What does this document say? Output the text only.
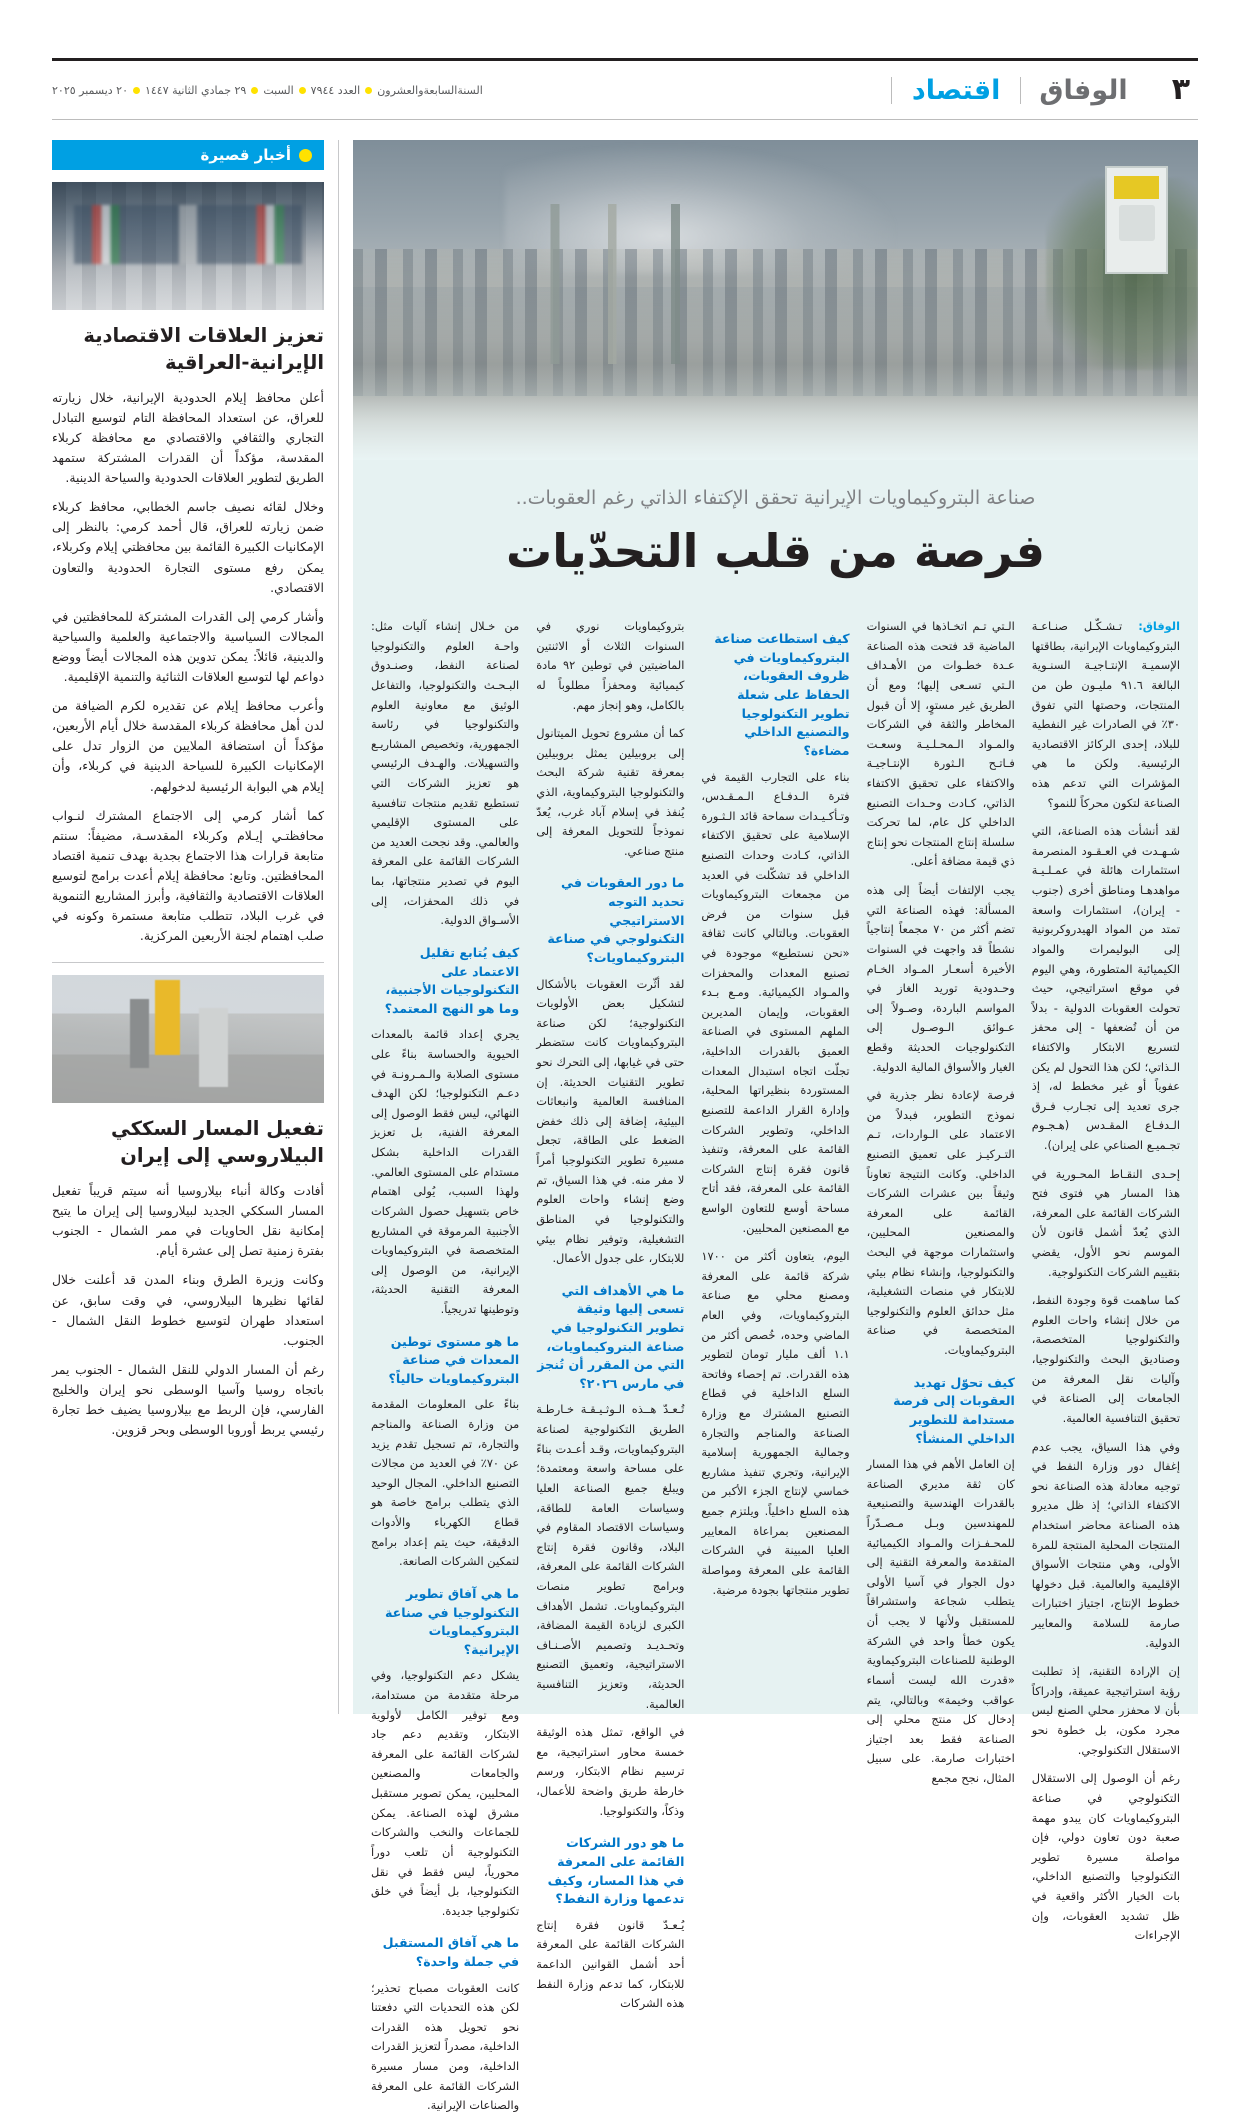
٣
الوفاق
اقتصاد
السنةالسابعةوالعشرون
العدد ٧٩٤٤
السبت
٢٩ جمادي الثانية ١٤٤٧
٢٠ ديسمبر ٢٠٢٥
صناعة البتروكيماويات الإيرانية تحقق الإكتفاء الذاتي رغم العقوبات..
فرصة من قلب التحدّيات

الوفاق: تـشـكّـل صنـاعـة البتروكيماويات الإيرانية، بطاقتها الإسميـة الإنتـاجيـة السنـوية البالغة ٩١.٦ مليـون طن من المنتجات، وحصتها التي تفوق ٣٠٪ في الصادرات غير النفطية للبلاد، إحدى الركائز الاقتصادية الرئيسية. ولكن ما هي المؤشرات التي تدعم هذه الصناعة لتكون محركاً للنمو؟

لقد أنشأت هذه الصناعة، التي شـهـدت في العـقـود المنصرمة استثمارات هائلة في عمـلـيـة مواهدهـا ومناطق أخرى (جنوب - إيران)، استثمارات واسعة تمتد من المواد الهيدروكربونية إلى البوليمرات والمواد الكيميائية المتطورة، وهي اليوم في موقع استراتيجي، حيث تحولت العقوبات الدولية - بدلاً من أن تُضعفها - إلى محفز لتسريع الابتكار والاكتفاء الـذاتي؛ لكن هذا التحول لم يكن عفوياً أو غير مخطط له، إذ جرى تعديد إلى تجـارب فـرق الـدفـاع المقـدس (هـجـوم تجـميـع الصناعي على إيران).

إحـدى النقـاط المحـورية في هذا المسار هي فتوى فتح الشركات القائمة على المعرفة، الذي يُعدّ أشمل قانون لأن الموسم نحو الأول، يقضي بتقييم الشركات التكنولوجية.

كما ساهمت قوة وجودة النفط، من خلال إنشاء واحات العلوم والتكنولوجيا المتخصصة، وصناديق البحث والتكنولوجيا، وآليات نقل المعرفة من الجامعات إلى الصناعة في تحقيق التنافسية العالمية.

وفي هذا السياق، يجب عدم إغفال دور وزارة النفط في توجيه معادلة هذه الصناعة نحو الاكتفاء الذاتي؛ إذ ظل مديرو هذه الصناعة محاضر استخدام المنتجات المحلية المنتجة للمرة الأولى، وهي منتجات الأسواق الإقليمية والعالمية. قبل دخولها خطوط الإنتاج، اجتياز اختبارات صارمة للسلامة والمعايير الدولية.

إن الإرادة التقنية، إذ تطلبت رؤية استراتيجية عميقة، وإدراكاً بأن لا محفزر محلي الصنع ليس مجرد مكون، بل خطوة نحو الاستقلال التكنولوجي.

رغم أن الوصول إلى الاستقلال التكنولوجي في صناعة البتروكيماويات كان يبدو مهمة صعبة دون تعاون دولي، فإن مواصلة مسيرة تطوير التكنولوجيا والتصنيع الداخلي، بات الخيار الأكثر واقعية في ظل تشديد العقوبات، وإن الإجراءات

الـتي تـم اتخـاذها في السنوات الماضية قد فتحت هذه الصناعة عـدة خطـوات من الأهـداف الـتي تسـعى إليها؛ ومع أن الطريق غير مستوٍ، إلا أن قبول المخاطر والثقة في الشركات والمـواد الـمحـلـيـة وسعـت فـاتـح الـثورة الإنتـاجيـة والاكتفاء على تحقيق الاكتفاء الذاتي، كـادت وحـدات التصنيع الداخلي كل عام، لما تحركت سلسلة إنتاج المنتجات نحو إنتاج ذي قيمة مضافة أعلى.

يجب الإلتفات أيضاً إلى هذه المسألة: فهذه الصناعة التي تضم أكثر من ٧٠ مجمعاً إنتاجياً نشطاً قد واجهت في السنوات الأخيرة أسعـار المـواد الخـام وحـدودية توريد الغاز في المواسم الباردة، وصـولاً إلى عـوائق الـوصـول إلى التكنولوجيات الحديثة وقطع الغيار والأسواق المالية الدولية.

فرصة لإعادة نظر جذرية في نموذج التطوير، فبدلاً من الاعتماد على الـواردات، تـم التـركيـز على تعميق التصنيع الداخلي. وكانت النتيجة تعاوناً وثيقاً بين عشرات الشركات القائمة على المعرفة والمصنعين المحليين، واستثمارات موجهة في البحث والتكنولوجيا، وإنشاء نظام بيئي للابتكار في منصات التشغيلية، مثل حدائق العلوم والتكنولوجيا المتخصصة في صناعة البتروكيماويات.

كيف تحوّل تهديد العقوبات إلى فرصة مستدامة للتطوير الداخلي المنشأ؟

إن العامل الأهم في هذا المسار كان ثقة مديري الصناعة بالقدرات الهندسية والتصنيعية للمهندسين وبـل مـصـدّراً للمحـفـزات والمـواد الكيميائية المتقدمة والمعرفة التقنية إلى دول الجوار في آسيا الأولى يتطلب شجاعة واستشراقاً للمستقبل ولأنها لا يجب أن يكون خطأ واحد في الشركة الوطنية للصناعات البتروكيماوية «قدرت الله ليست أسماء عواقب وخيمة» وبالتالي، يتم إدخال كل منتج محلي إلى الصناعة فقط بعد اجتياز اختبارات صارمة. على سبيل المثال، نجح مجمع

كيف استطاعت صناعة البتروكيماويات في ظروف العقوبات، الحفاظ على شعلة تطوير التكنولوجيا والتصنيع الداخلي مضاءة؟

بناء على التجارب القيمة في فترة الـدفـاع الـمـقـدس، وتـأكـيـدات سماحة قائد الـثـورة الإسلامية على تحقيق الاكتفاء الذاتي، كـادت وحدات التصنيع الداخلي قد تشكّلت في العديد من مجمعات البتروكيماويات قبل سنوات من فرض العقوبات. وبالتالي كانت ثقافة «نحن نستطيع» موجودة في تصنيع المعدات والمحفزات والمـواد الكيميائية. ومـع بـدء العقوبات، وإيمان المديرين الملهم المستوى في الصناعة العميق بالقدرات الداخلية، تجلّت اتجاه استبدال المعدات المستوردة بنظيراتها المحلية، وإدارة القرار الداعمة للتصنيع الداخلي، وتطوير الشركات القائمة على المعرفة، وتنفيذ قانون فقرة إنتاج الشركات القائمة على المعرفة، فقد أتاح مساحة أوسع للتعاون الواسع مع المصنعين المحليين.

اليوم، يتعاون أكثر من ١٧٠٠ شركة قائمة على المعرفة ومصنع محلي مع صناعة البتروكيماويات، وفي العام الماضي وحده، خُصص أكثر من ١.١ ألف مليار تومان لتطوير هذه القدرات. تم إحصاء وفاتحة السلع الداخلية في قطاع التصنيع المشترك مع وزارة الصناعة والمناجم والتجارة وجمالية الجمهورية إسلامية الإيرانية، وتجري تنفيذ مشاريع خماسي لإنتاج الجزء الأكبر من هذه السلع داخلياً. ويلتزم جميع المصنعين بمراعاة المعايير العليا المبينة في الشركات القائمة على المعرفة ومواصلة تطوير منتجاتها بجودة مرضية.

بتروكيماويات نوري في السنوات الثلاث أو الاثنتين الماضيتين في توطين ٩٢ مادة كيميائية ومحفزاً مطلوباً له بالكامل، وهو إنجاز مهم.

كما أن مشروع تحويل الميتانول إلى بروبيلين يمثل بروبيلين بمعرفة تقنية شركة البحث والتكنولوجيا البتروكيماوية، الذي يُنفذ في إسلام آباد غرب، يُعدّ نموذجاً للتحويل المعرفة إلى منتج صناعي.

ما دور العقوبات في تحديد التوجه الاستراتيجي التكنولوجي في صناعة البتروكيماويات؟

لقد أثّرت العقوبات بالأشكال لتشكيل بعض الأولويات التكنولوجية؛ لكن صناعة البتروكيماويات كانت ستضطر حتى في غيابها، إلى التحرك نحو تطوير التقنيات الحديثة. إن المنافسة العالمية وانبعاثات البيئية، إضافة إلى ذلك خفض الضغط على الطاقة، تجعل مسيرة تطوير التكنولوجيا أمراً لا مفر منه. في هذا السياق، تم وضع إنشاء واحات العلوم والتكنولوجيا في المناطق التشغيلية، وتوفير نظام بيئي للابتكار، على جدول الأعمال.

ما هي الأهداف التي تسعى إليها وثيقة تطوير التكنولوجيا في صناعة البتروكيماويات، التي من المقرر أن تُنجز في مارس ٢٠٢٦؟

تُـعـدّ هــذه الـوثـيـقـة خـارطـة الطريق التكنولوجية لصناعة البتروكيماويات، وقـد أعـدت بناءً على مساحة واسعة ومعتمدة؛ ويبلغ جميع الصناعة العليا وسياسات العامة للطاقة، وسياسات الاقتصاد المقاوم في البلاد، وقانون فقرة إنتاج الشركات القائمة على المعرفة، وبرامج تطوير منصات البتروكيماويات. تشمل الأهداف الكبرى لزيادة القيمة المضافة، وتحـديـد وتصميم الأصـنـاف الاستراتيجية، وتعميق التصنيع الحديثة، وتعزيز التنافسية العالمية.

في الواقع، تمثل هذه الوثيقة خمسة محاور استراتيجية، مع ترسيم نظام الابتكار، ورسم خارطة طريق واضحة للأعمال، وذكاً، والتكنولوجيا.

ما هو دور الشركات القائمة على المعرفة في هذا المسار، وكيف تدعمها وزارة النفط؟

يُـعـدّ قانون فقرة إنتاج الشركات القائمة على المعرفة أحد أشمل القوانين الداعمة للابتكار، كما تدعم وزارة النفط هذه الشركات

من خـلال إنشاء آليات مثل: واحـة العلوم والتكنولوجيا لصناعة النفط، وصنـدوق البـحـث والتكنولوجيا، والتفاعل الوثيق مع معاونية العلوم والتكنولوجيا في رئاسة الجمهورية، وتخصيص المشاريـع والتسهيلات. والهـدف الرئيسي هو تعزيز الشركات التي تستطيع تقديم منتجات تنافسية على المستوى الإقليمي والعالمي. وقد نجحت العديد من الشركات القائمة على المعرفة اليوم في تصدير منتجاتها، بما في ذلك المحفزات، إلى الأسـواق الدولية.

كيف يُتابع تقليل الاعتماد على التكنولوجيات الأجنبية، وما هو النهج المعتمد؟

يجري إعداد قائمة بالمعدات الحيوية والحساسة بناءً على مستوى الصلابة والـمـرونـة في دعـم التكنولوجيا؛ لكن الهدف النهائي، ليس فقط الوصول إلى المعرفة الفنية، بل تعزيز القدرات الداخلية بشكل مستدام على المستوى العالمي. ولهذا السبب، يُولى اهتمام خاص بتسهيل حصول الشركات الأجنبية المرموقة في المشاريع المتخصصة في البتروكيماويات الإيرانية، من الوصول إلى المعرفة التقنية الحديثة، وتوطينها تدريجياً.

ما هو مستوى توطين المعدات في صناعة البتروكيماويات حالياً؟

بناءً على المعلومات المقدمة من وزارة الصناعة والمناجم والتجارة، تم تسجيل تقدم يزيد عن ٧٠٪ في العديد من مجالات التصنيع الداخلي. المجال الوحيد الذي يتطلب برامج خاصة هو قطاع الكهرباء والأدوات الدقيقة، حيث يتم إعداد برامج لتمكين الشركات الصانعة.

ما هي آفاق تطوير التكنولوجيا في صناعة البتروكيماويات الإيرانية؟

يشكل دعم التكنولوجيا، وفي مرحلة متقدمة من مستدامة، ومع توفير الكامل لأولوية الابتكار، وتقديم دعم جاد لشركات القائمة على المعرفة والجامعات والمصنعين المحليين، يمكن تصوير مستقبل مشرق لهذه الصناعة. يمكن للجماعات والنخب والشركات التكنولوجية أن تلعب دوراً محورياً، ليس فقط في نقل التكنولوجيا، بل أيضاً في خلق تكنولوجيا جديدة.

ما هي آفاق المستقبل في جملة واحدة؟

كانت العقوبات مصباح تحذير؛ لكن هذه التحديات التي دفعتنا نحو تحويل هذه القدرات الداخلية، مصدراً لتعزيز القدرات الداخلية، ومن مسار مسيرة الشركات القائمة على المعرفة والصناعات الإيرانية.

أخبار قصيرة
تعزيز العلاقات الاقتصادية الإيرانية-العراقية

أعلن محافظ إيلام الحدودية الإيرانية، خلال زيارته للعراق، عن استعداد المحافظة التام لتوسيع التبادل التجاري والثقافي والاقتصادي مع محافظة كربلاء المقدسة، مؤكداً أن القدرات المشتركة ستمهد الطريق لتطوير العلاقات الحدودية والسياحة الدينية.

وخلال لقائه نصيف جاسم الخطابي، محافظ كربلاء ضمن زيارته للعراق، قال أحمد كرمي: بالنظر إلى الإمكانيات الكبيرة القائمة بين محافظتي إيلام وكربلاء، يمكن رفع مستوى التجارة الحدودية والتعاون الاقتصادي.

وأشار كرمي إلى القدرات المشتركة للمحافظتين في المجالات السياسية والاجتماعية والعلمية والسياحية والدينية، قائلاً: يمكن تدوين هذه المجالات أيضاً ووضع دواعم لها لتوسيع العلاقات الثنائية والتنمية الإقليمية.

وأعرب محافظ إيلام عن تقديره لكرم الضيافة من لدن أهل محافظة كربلاء المقدسة خلال أيام الأربعين، مؤكداً أن استضافة الملايين من الزوار تدل على الإمكانيات الكبيرة للسياحة الدينية في كربلاء، وأن إيلام هي البوابة الرئيسية لدخولهم.

كما أشار كرمي إلى الاجتماع المشترك لنـواب محافظتـي إيـلام وكربلاء المقدسـة، مضيفاً: سنتم متابعة قرارات هذا الاجتماع بجدية بهدف تنمية اقتصاد المحافظتين. وتابع: محافظة إيلام أعدت برامج لتوسيع العلاقات الاقتصادية والثقافية، وأبرز المشاريع التنموية في غرب البلاد، تتطلب متابعة مستمرة وكونه في صلب اهتمام لجنة الأربعين المركزية.

تفعيل المسار السككي البيلاروسي إلى إيران

أفادت وكالة أنباء بيلاروسيا أنه سيتم قريباً تفعيل المسار السككي الجديد لبيلاروسيا إلى إيران ما يتيح إمكانية نقل الحاويات في ممر الشمال - الجنوب بفترة زمنية تصل إلى عشرة أيام.

وكانت وزيرة الطرق وبناء المدن قد أعلنت خلال لقائها نظيرها البيلاروسي، في وقت سابق، عن استعداد طهران لتوسيع خطوط النقل الشمال - الجنوب.

رغم أن المسار الدولي للنقل الشمال - الجنوب يمر باتجاه روسيا وآسيا الوسطى نحو إيران والخليج الفارسي، فإن الربط مع بيلاروسيا يضيف خط تجارة رئيسي يربط أوروبا الوسطى وبحر قزوين.
